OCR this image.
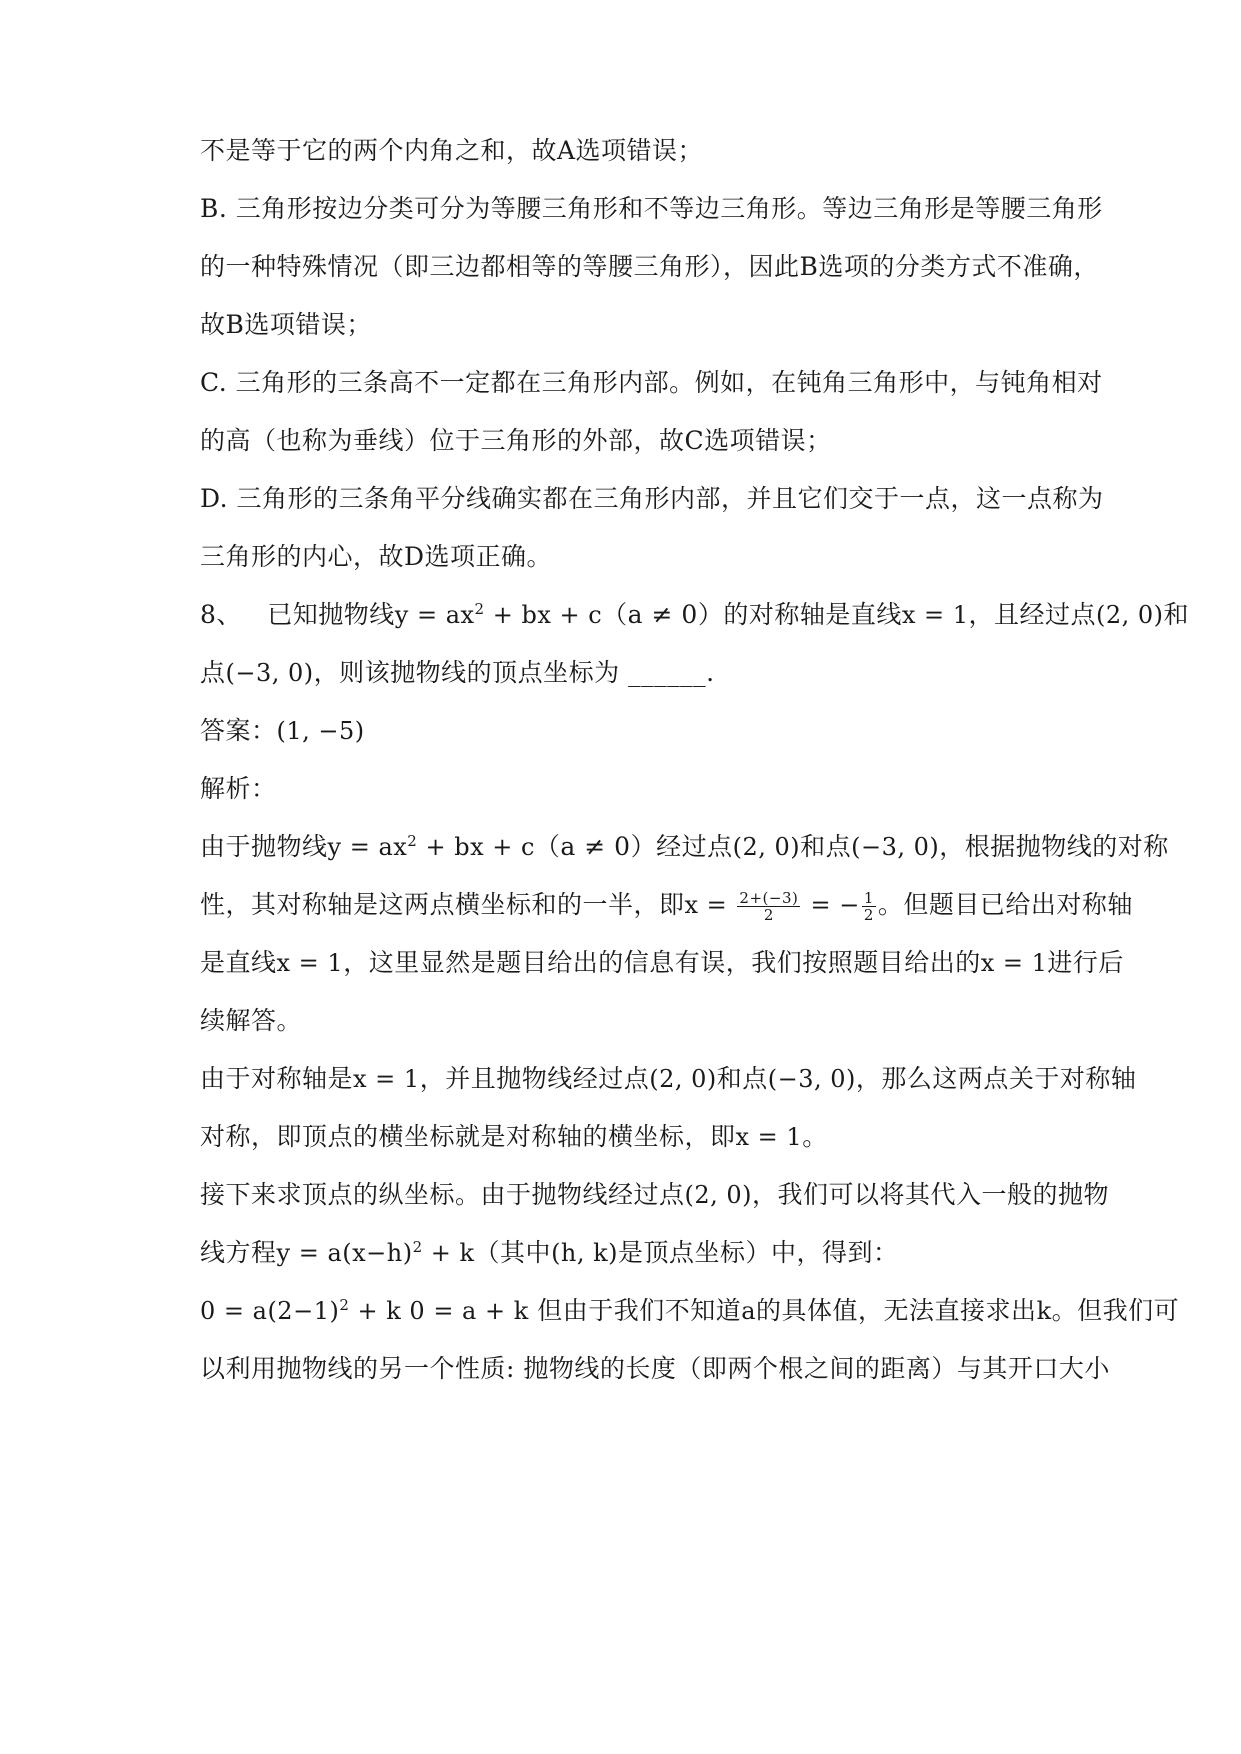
不是等于它的两个内角之和，故A选项错误；
B. 三角形按边分类可分为等腰三角形和不等边三角形。等边三角形是等腰三角形
的一种特殊情况（即三边都相等的等腰三角形），因此B选项的分类方式不准确，
故B选项错误；
C. 三角形的三条高不一定都在三角形内部。例如，在钝角三角形中，与钝角相对
的高（也称为垂线）位于三角形的外部，故C选项错误；
D. 三角形的三条角平分线确实都在三角形内部，并且它们交于一点，这一点称为
三角形的内心，故D选项正确。
8、 已知抛物线$y = ax^2$ + bx + c（a ≠ 0）的对称轴是直线x = 1，且经过点(2, 0)和
点(−3, 0)，则该抛物线的顶点坐标为 ______.
答案：(1, −5)
解析：
由于抛物线$y = ax^2$ + bx + c（a ≠ 0）经过点(2, 0)和点(−3, 0)，根据抛物线的对称
性，其对称轴是这两点横坐标和的一半，即$x = \frac{2+(-3)}{2}$ = − $\frac{1}{2}$ 。但题目已给出对称轴
是直线x = 1，这里显然是题目给出的信息有误，我们按照题目给出的x = 1进行后
续解答。
由于对称轴是x = 1，并且抛物线经过点(2, 0)和点(−3, 0)，那么这两点关于对称轴
对称，即顶点的横坐标就是对称轴的横坐标，即x = 1。
接下来求顶点的纵坐标。由于抛物线经过点(2, 0)，我们可以将其代入一般的抛物
线方程$y = a(x-h)^2 + k$（其中(h, k)是顶点坐标）中，得到：
$0 = a(2-1)^2 + k$ 0 = a + k 但由于我们不知道a的具体值，无法直接求出k。但我们可
以利用抛物线的另一个性质: 抛物线的长度（即两个根之间的距离）与其开口大小
